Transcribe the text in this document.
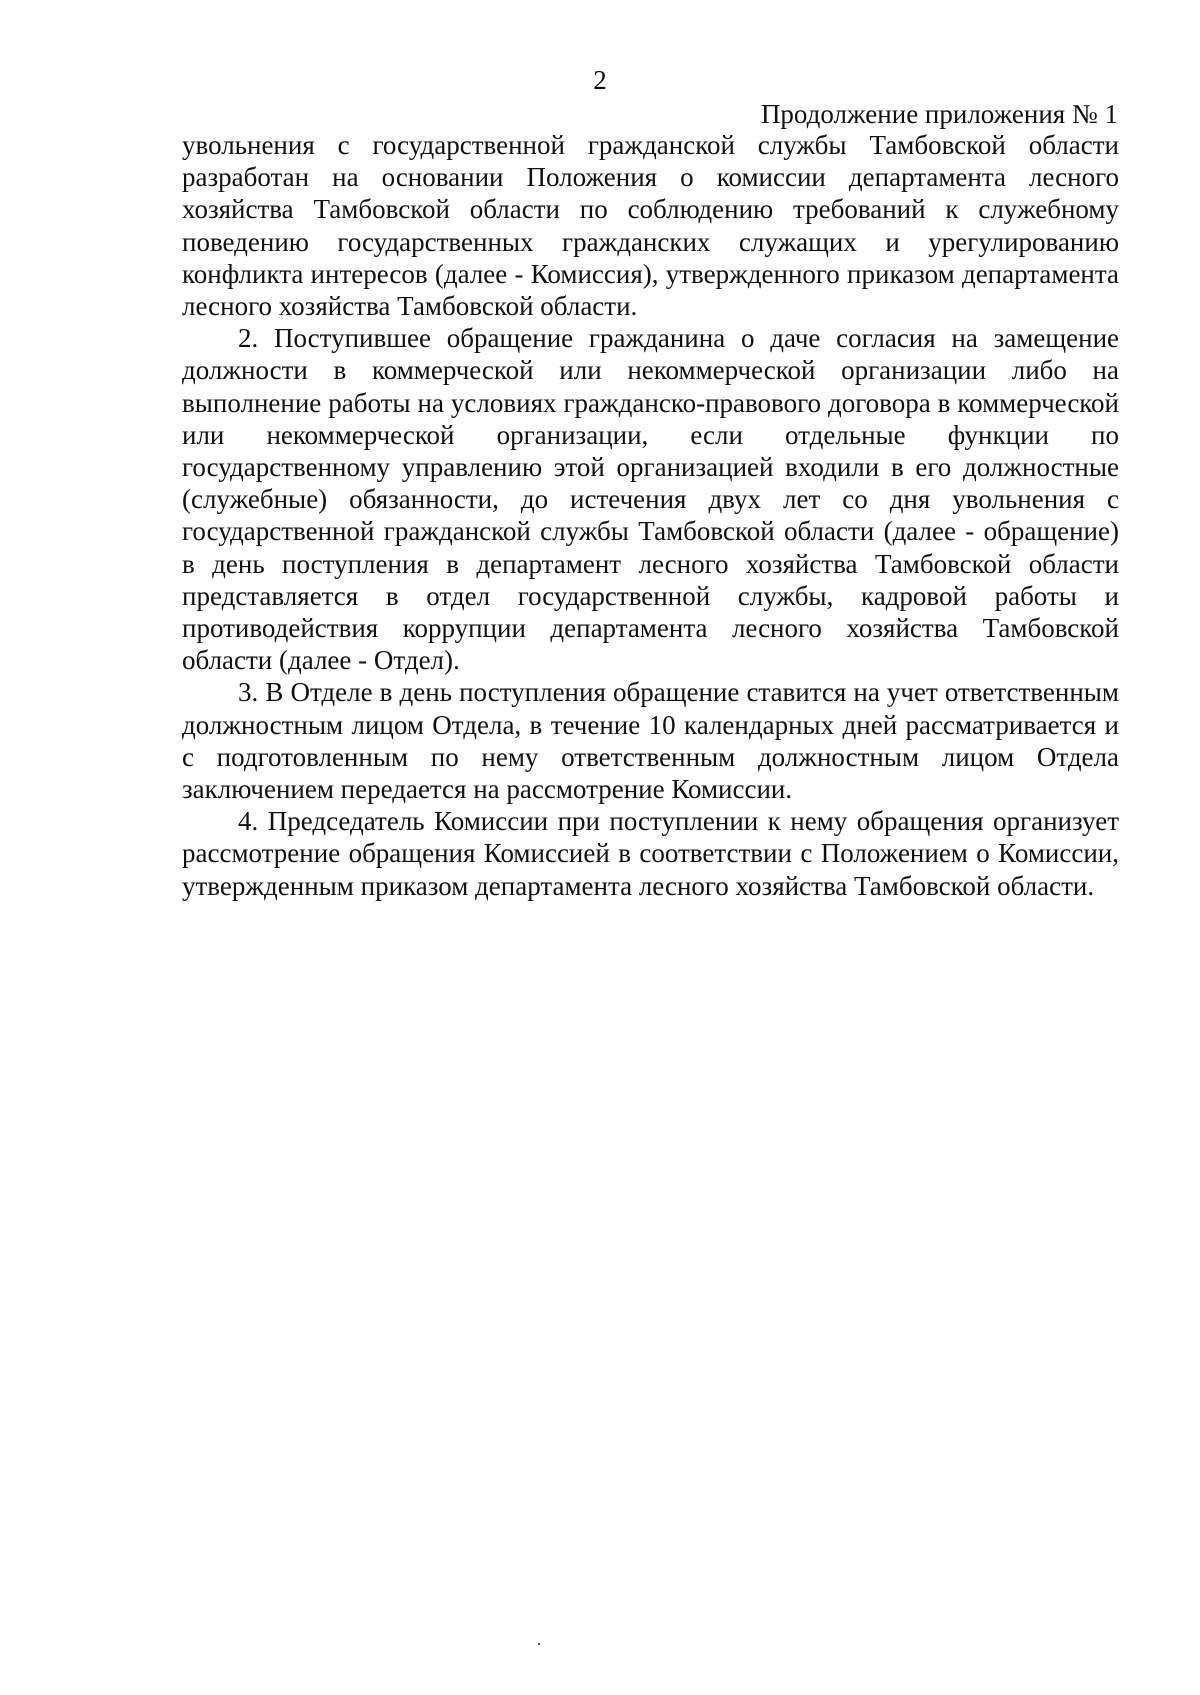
2
Продолжение приложения № 1

увольнения с государственной гражданской службы Тамбовской области разработан на основании Положения о комиссии департамента лесного хозяйства Тамбовской области по соблюдению требований к служебному поведению государственных гражданских служащих и урегулированию конфликта интересов (далее - Комиссия), утвержденного приказом департамента лесного хозяйства Тамбовской области.

2. Поступившее обращение гражданина о даче согласия на замещение должности в коммерческой или некоммерческой организации либо на выполнение работы на условиях гражданско-правового договора в коммерческой или некоммерческой организации, если отдельные функции по государственному управлению этой организацией входили в его должностные (служебные) обязанности, до истечения двух лет со дня увольнения с государственной гражданской службы Тамбовской области (далее - обращение) в день поступления в департамент лесного хозяйства Тамбовской области представляется в отдел государственной службы, кадровой работы и противодействия коррупции департамента лесного хозяйства Тамбовской области (далее - Отдел).

3. В Отделе в день поступления обращение ставится на учет ответственным должностным лицом Отдела, в течение 10 календарных дней рассматривается и с подготовленным по нему ответственным должностным лицом Отдела заключением передается на рассмотрение Комиссии.

4. Председатель Комиссии при поступлении к нему обращения организует рассмотрение обращения Комиссией в соответствии с Положением о Комиссии, утвержденным приказом департамента лесного хозяйства Тамбовской области.
